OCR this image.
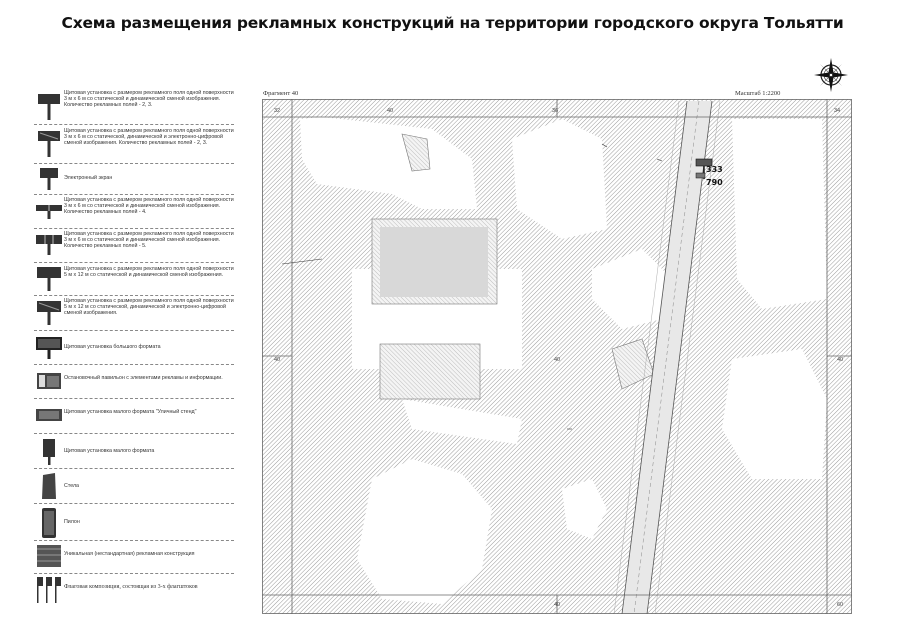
Схема размещения рекламных конструкций на территории городского округа Тольятти
Щитовая установка с размером рекламного поля одной поверхности 3 м х 6 м со статической и динамической сменой изображения. Количество рекламных полей - 2, 3.
Щитовая установка с размером рекламного поля одной поверхности 3 м х 6 м со статической, динамической и электронно-цифровой сменой изображения. Количество рекламных полей - 2, 3.
Электронный экран
Щитовая установка с размером рекламного поля одной поверхности 3 м х 6 м со статической и динамической сменой изображения. Количество рекламных полей - 4.
Щитовая установка с размером рекламного поля одной поверхности 3 м х 6 м со статической и динамической сменой изображения. Количество рекламных полей - 5.
Щитовая установка с размером рекламного поля одной поверхности 5 м х 12 м со статической и динамической сменой изображения.
Щитовая установка с размером рекламного поля одной поверхности 5 м х 12 м со статической, динамической и электронно-цифровой сменой изображения.
Щитовая установка большого формата
Остановочный павильон с элементами рекламы и информации.
Щитовая установка малого формата "Уличный стенд"
Щитовая установка малого формата
Стела
Пилон
Уникальная (нестандартная) рекламная конструкция
Флаговая композиция, состоящая из 3-х флагштоков
Фрагмент 40	Масштаб 1:2200
32	40	36	34
40	40
40
40	60
333
790
